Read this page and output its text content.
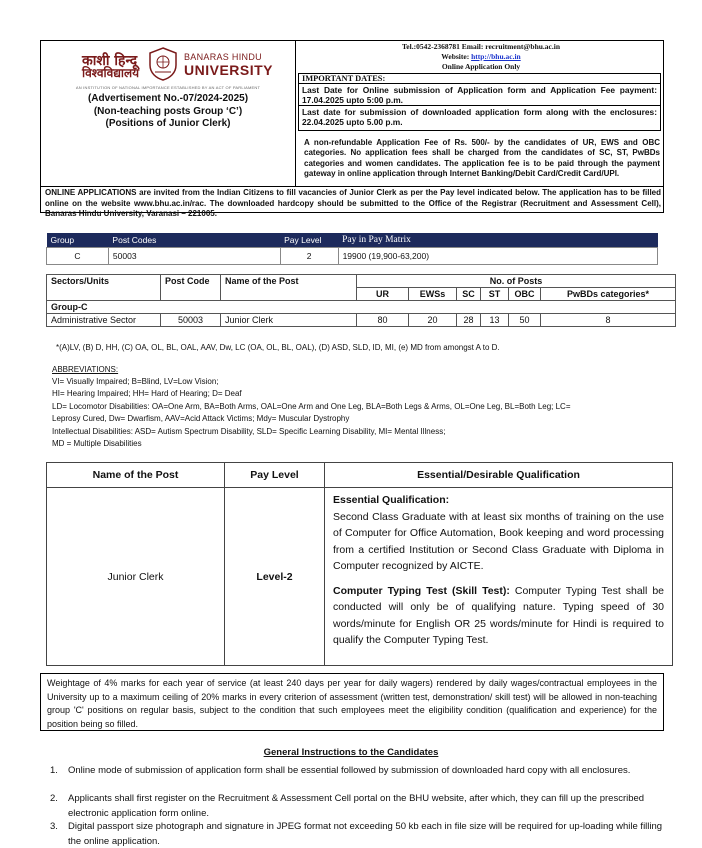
काशी हिन्दू
विश्वविद्यालय
BANARAS HINDU
UNIVERSITY
AN INSTITUTION OF NATIONAL IMPORTANCE ESTABLISHED BY AN ACT OF PARLIAMENT
(Advertisement No.-07/2024-2025)
(Non-teaching posts Group ‘C’)
(Positions of Junior Clerk)
Tel.:0542-2368781 Email: recruitment@bhu.ac.in
Website: http://bhu.ac.in
Online Application Only
IMPORTANT DATES:
Last Date for Online submission of Application form and Application Fee payment: 17.04.2025 upto 5:00 p.m.
Last date for submission of downloaded application form along with the enclosures: 22.04.2025 upto 5.00 p.m.
A non-refundable Application Fee of Rs. 500/- by the candidates of UR, EWS and OBC categories. No application fees shall be charged from the candidates of SC, ST, PwBDs categories and women candidates. The application fee is to be paid through the payment gateway in online application through Internet Banking/Debit Card/Credit Card/UPI.
ONLINE APPLICATIONS are invited from the Indian Citizens to fill vacancies of Junior Clerk as per the Pay level indicated below. The application has to be filled online on the website www.bhu.ac.in/rac. The downloaded hardcopy should be submitted to the Office of the Registrar (Recruitment and Assessment Cell), Banaras Hindu University, Varanasi – 221005.
Group	Post Codes	Pay Level	Pay in Pay Matrix
C	50003	2	19900 (19,900-63,200)
Sectors/Units	Post Code	Name of the Post	No. of Posts					
			UR	EWSs	SC	ST	OBC	PwBDs categories*
Group-C								
Administrative Sector	50003	Junior Clerk	80	20	28	13	50	8
*(A)LV, (B) D, HH, (C) OA, OL, BL, OAL, AAV, Dw, LC (OA, OL, BL, OAL), (D) ASD, SLD, ID, MI, (e) MD from amongst A to D.
ABBREVIATIONS:
VI= Visually Impaired; B=Blind, LV=Low Vision;
HI= Hearing Impaired; HH= Hard of Hearing; D= Deaf
LD= Locomotor Disabilities: OA=One Arm, BA=Both Arms, OAL=One Arm and One Leg, BLA=Both Legs & Arms, OL=One Leg, BL=Both Leg; LC=
Leprosy Cured, Dw= Dwarfism, AAV=Acid Attack Victims; Mdy= Muscular Dystrophy
Intellectual Disabilities: ASD= Autism Spectrum Disability, SLD= Specific Learning Disability, MI= Mental Illness;
MD = Multiple Disabilities
Name of the Post	Pay Level	Essential/Desirable Qualification
Junior Clerk	Level-2	Essential Qualification:
Second Class Graduate with at least six months of training on the use of Computer for Office Automation, Book keeping and word processing from a certified Institution or Second Class Graduate with Diploma in Computer recognized by AICTE.
Computer Typing Test (Skill Test): Computer Typing Test shall be conducted will only be of qualifying nature. Typing speed of 30 words/minute for English OR 25 words/minute for Hindi is required to qualify the Computer Typing Test.
Weightage of 4% marks for each year of service (at least 240 days per year for daily wagers) rendered by daily wages/contractual employees in the University up to a maximum ceiling of 20% marks in every criterion of assessment (written test, demonstration/ skill test) will be allowed in non-teaching group 'C' positions on regular basis, subject to the condition that such employees meet the eligibility condition (qualification and experience) for the position being so filled.
General Instructions to the Candidates
1. Online mode of submission of application form shall be essential followed by submission of downloaded hard copy with all enclosures.
2. Applicants shall first register on the Recruitment & Assessment Cell portal on the BHU website, after which, they can fill up the prescribed electronic application form online.
3. Digital passport size photograph and signature in JPEG format not exceeding 50 kb each in file size will be required for up-loading while filling the online application.
